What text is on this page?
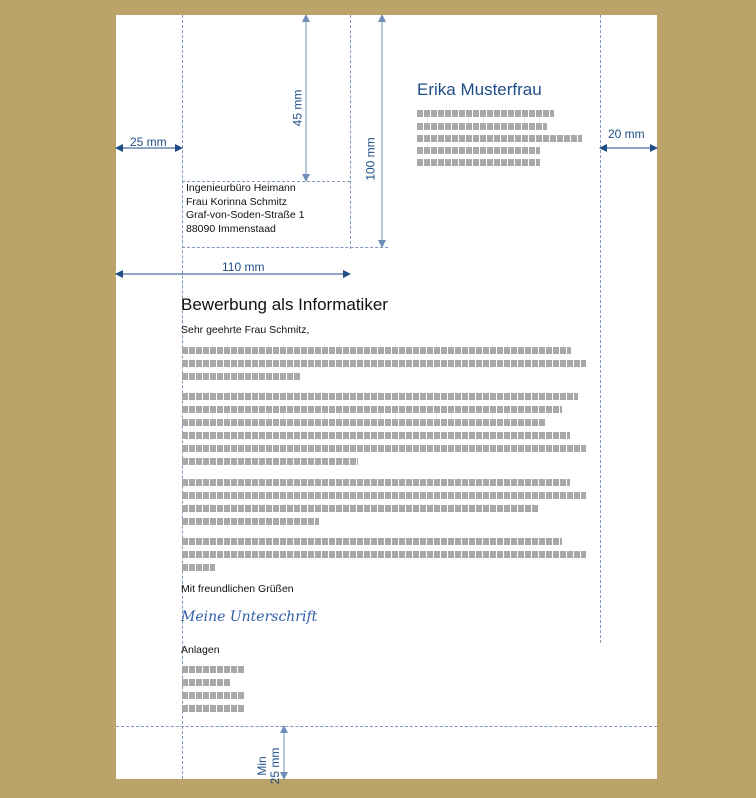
25 mm
20 mm
45 mm
100 mm
110 mm
Min 25 mm
Erika Musterfrau
Ingenieurbüro Heimann
Frau Korinna Schmitz
Graf-von-Soden-Straße 1
88090 Immenstaad
Bewerbung als Informatiker
Sehr geehrte Frau Schmitz,
Mit freundlichen Grüßen
Meine Unterschrift
Anlagen
